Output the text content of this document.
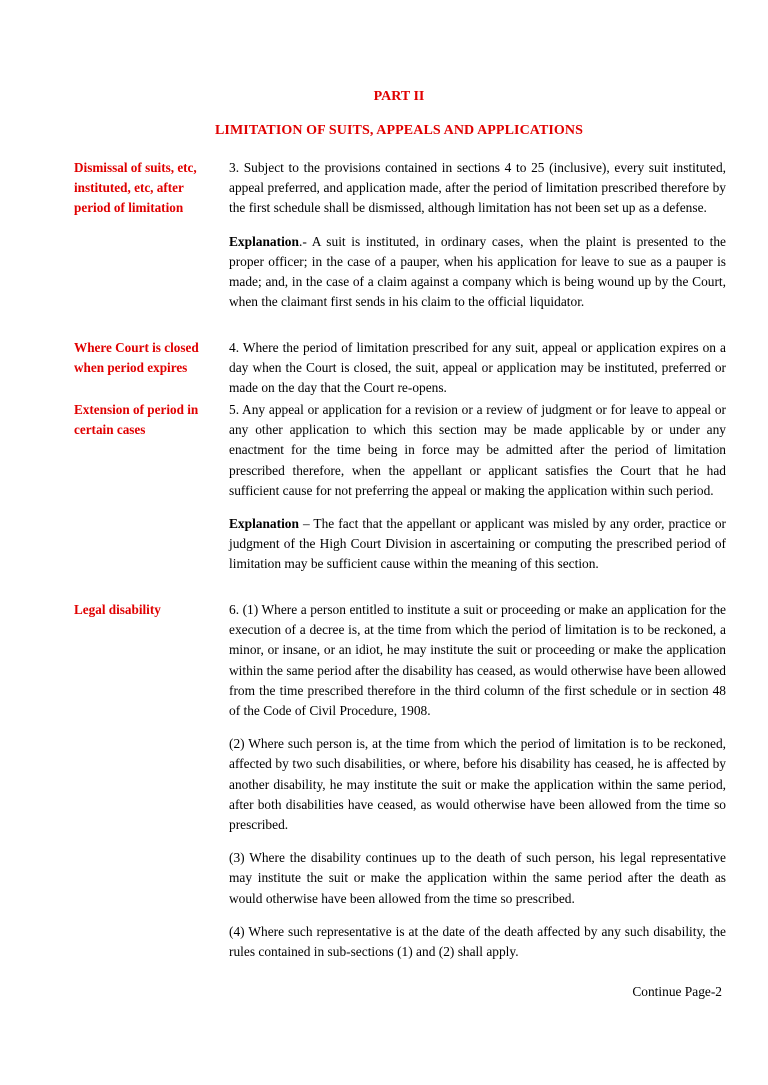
PART II
LIMITATION OF SUITS, APPEALS AND APPLICATIONS
Dismissal of suits, etc, instituted, etc, after period of limitation

3. Subject to the provisions contained in sections 4 to 25 (inclusive), every suit instituted, appeal preferred, and application made, after the period of limitation prescribed therefore by the first schedule shall be dismissed, although limitation has not been set up as a defense.

Explanation.- A suit is instituted, in ordinary cases, when the plaint is presented to the proper officer; in the case of a pauper, when his application for leave to sue as a pauper is made; and, in the case of a claim against a company which is being wound up by the Court, when the claimant first sends in his claim to the official liquidator.

Where Court is closed when period expires

4. Where the period of limitation prescribed for any suit, appeal or application expires on a day when the Court is closed, the suit, appeal or application may be instituted, preferred or made on the day that the Court re-opens.

Extension of period in certain cases

5. Any appeal or application for a revision or a review of judgment or for leave to appeal or any other application to which this section may be made applicable by or under any enactment for the time being in force may be admitted after the period of limitation prescribed therefore, when the appellant or applicant satisfies the Court that he had sufficient cause for not preferring the appeal or making the application within such period.

Explanation – The fact that the appellant or applicant was misled by any order, practice or judgment of the High Court Division in ascertaining or computing the prescribed period of limitation may be sufficient cause within the meaning of this section.

Legal disability	6. (1) Where a person entitled to institute a suit or proceeding or make an application for the execution of a decree is, at the time from which the period of limitation is to be reckoned, a minor, or insane, or an idiot, he may institute the suit or proceeding or make the application within the same period after the disability has ceased, as would otherwise have been allowed from the time prescribed therefore in the third column of the first schedule or in section 48 of the Code of Civil Procedure, 1908.

(2) Where such person is, at the time from which the period of limitation is to be reckoned, affected by two such disabilities, or where, before his disability has ceased, he is affected by another disability, he may institute the suit or make the application within the same period, after both disabilities have ceased, as would otherwise have been allowed from the time so prescribed.

(3) Where the disability continues up to the death of such person, his legal representative may institute the suit or make the application within the same period after the death as would otherwise have been allowed from the time so prescribed.

(4) Where such representative is at the date of the death affected by any such disability, the rules contained in sub-sections (1) and (2) shall apply.

Continue Page-2
